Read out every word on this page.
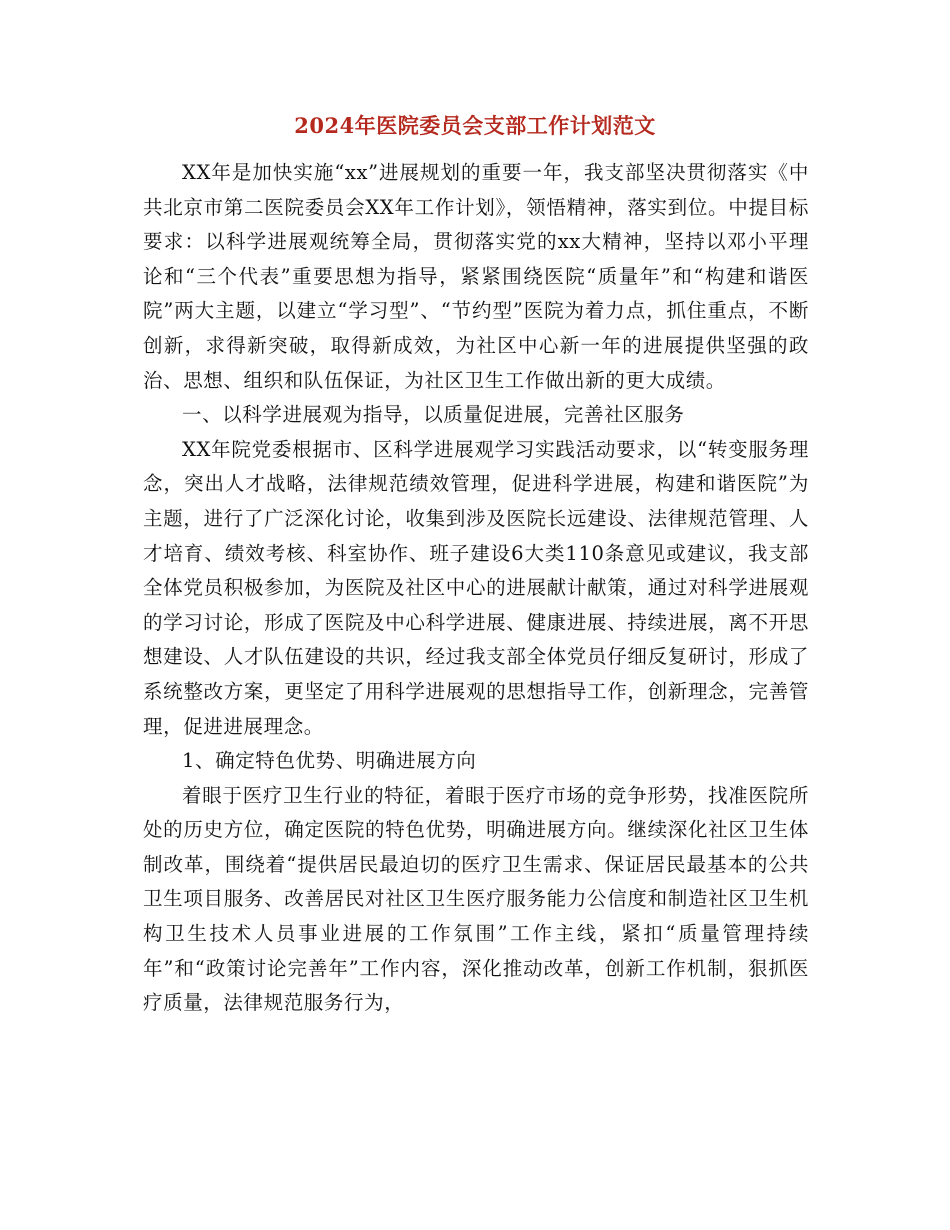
2024年医院委员会支部工作计划范文

XX年是加快实施“xx”进展规划的重要一年，我支部坚决贯彻落实《中共北京市第二医院委员会XX年工作计划》，领悟精神，落实到位。中提目标要求：以科学进展观统筹全局，贯彻落实党的xx大精神，坚持以邓小平理论和“三个代表”重要思想为指导，紧紧围绕医院“质量年”和“构建和谐医院”两大主题，以建立“学习型”、“节约型”医院为着力点，抓住重点，不断创新，求得新突破，取得新成效，为社区中心新一年的进展提供坚强的政治、思想、组织和队伍保证，为社区卫生工作做出新的更大成绩。

一、以科学进展观为指导，以质量促进展，完善社区服务

XX年院党委根据市、区科学进展观学习实践活动要求，以“转变服务理念，突出人才战略，法律规范绩效管理，促进科学进展，构建和谐医院”为主题，进行了广泛深化讨论，收集到涉及医院长远建设、法律规范管理、人才培育、绩效考核、科室协作、班子建设6大类110条意见或建议，我支部全体党员积极参加，为医院及社区中心的进展献计献策，通过对科学进展观的学习讨论，形成了医院及中心科学进展、健康进展、持续进展，离不开思想建设、人才队伍建设的共识，经过我支部全体党员仔细反复研讨，形成了系统整改方案，更坚定了用科学进展观的思想指导工作，创新理念，完善管理，促进进展理念。

1、确定特色优势、明确进展方向

着眼于医疗卫生行业的特征，着眼于医疗市场的竞争形势，找准医院所处的历史方位，确定医院的特色优势，明确进展方向。继续深化社区卫生体制改革，围绕着“提供居民最迫切的医疗卫生需求、保证居民最基本的公共卫生项目服务、改善居民对社区卫生医疗服务能力公信度和制造社区卫生机构卫生技术人员事业进展的工作氛围”工作主线，紧扣“质量管理持续年”和“政策讨论完善年”工作内容，深化推动改革，创新工作机制，狠抓医疗质量，法律规范服务行为，
